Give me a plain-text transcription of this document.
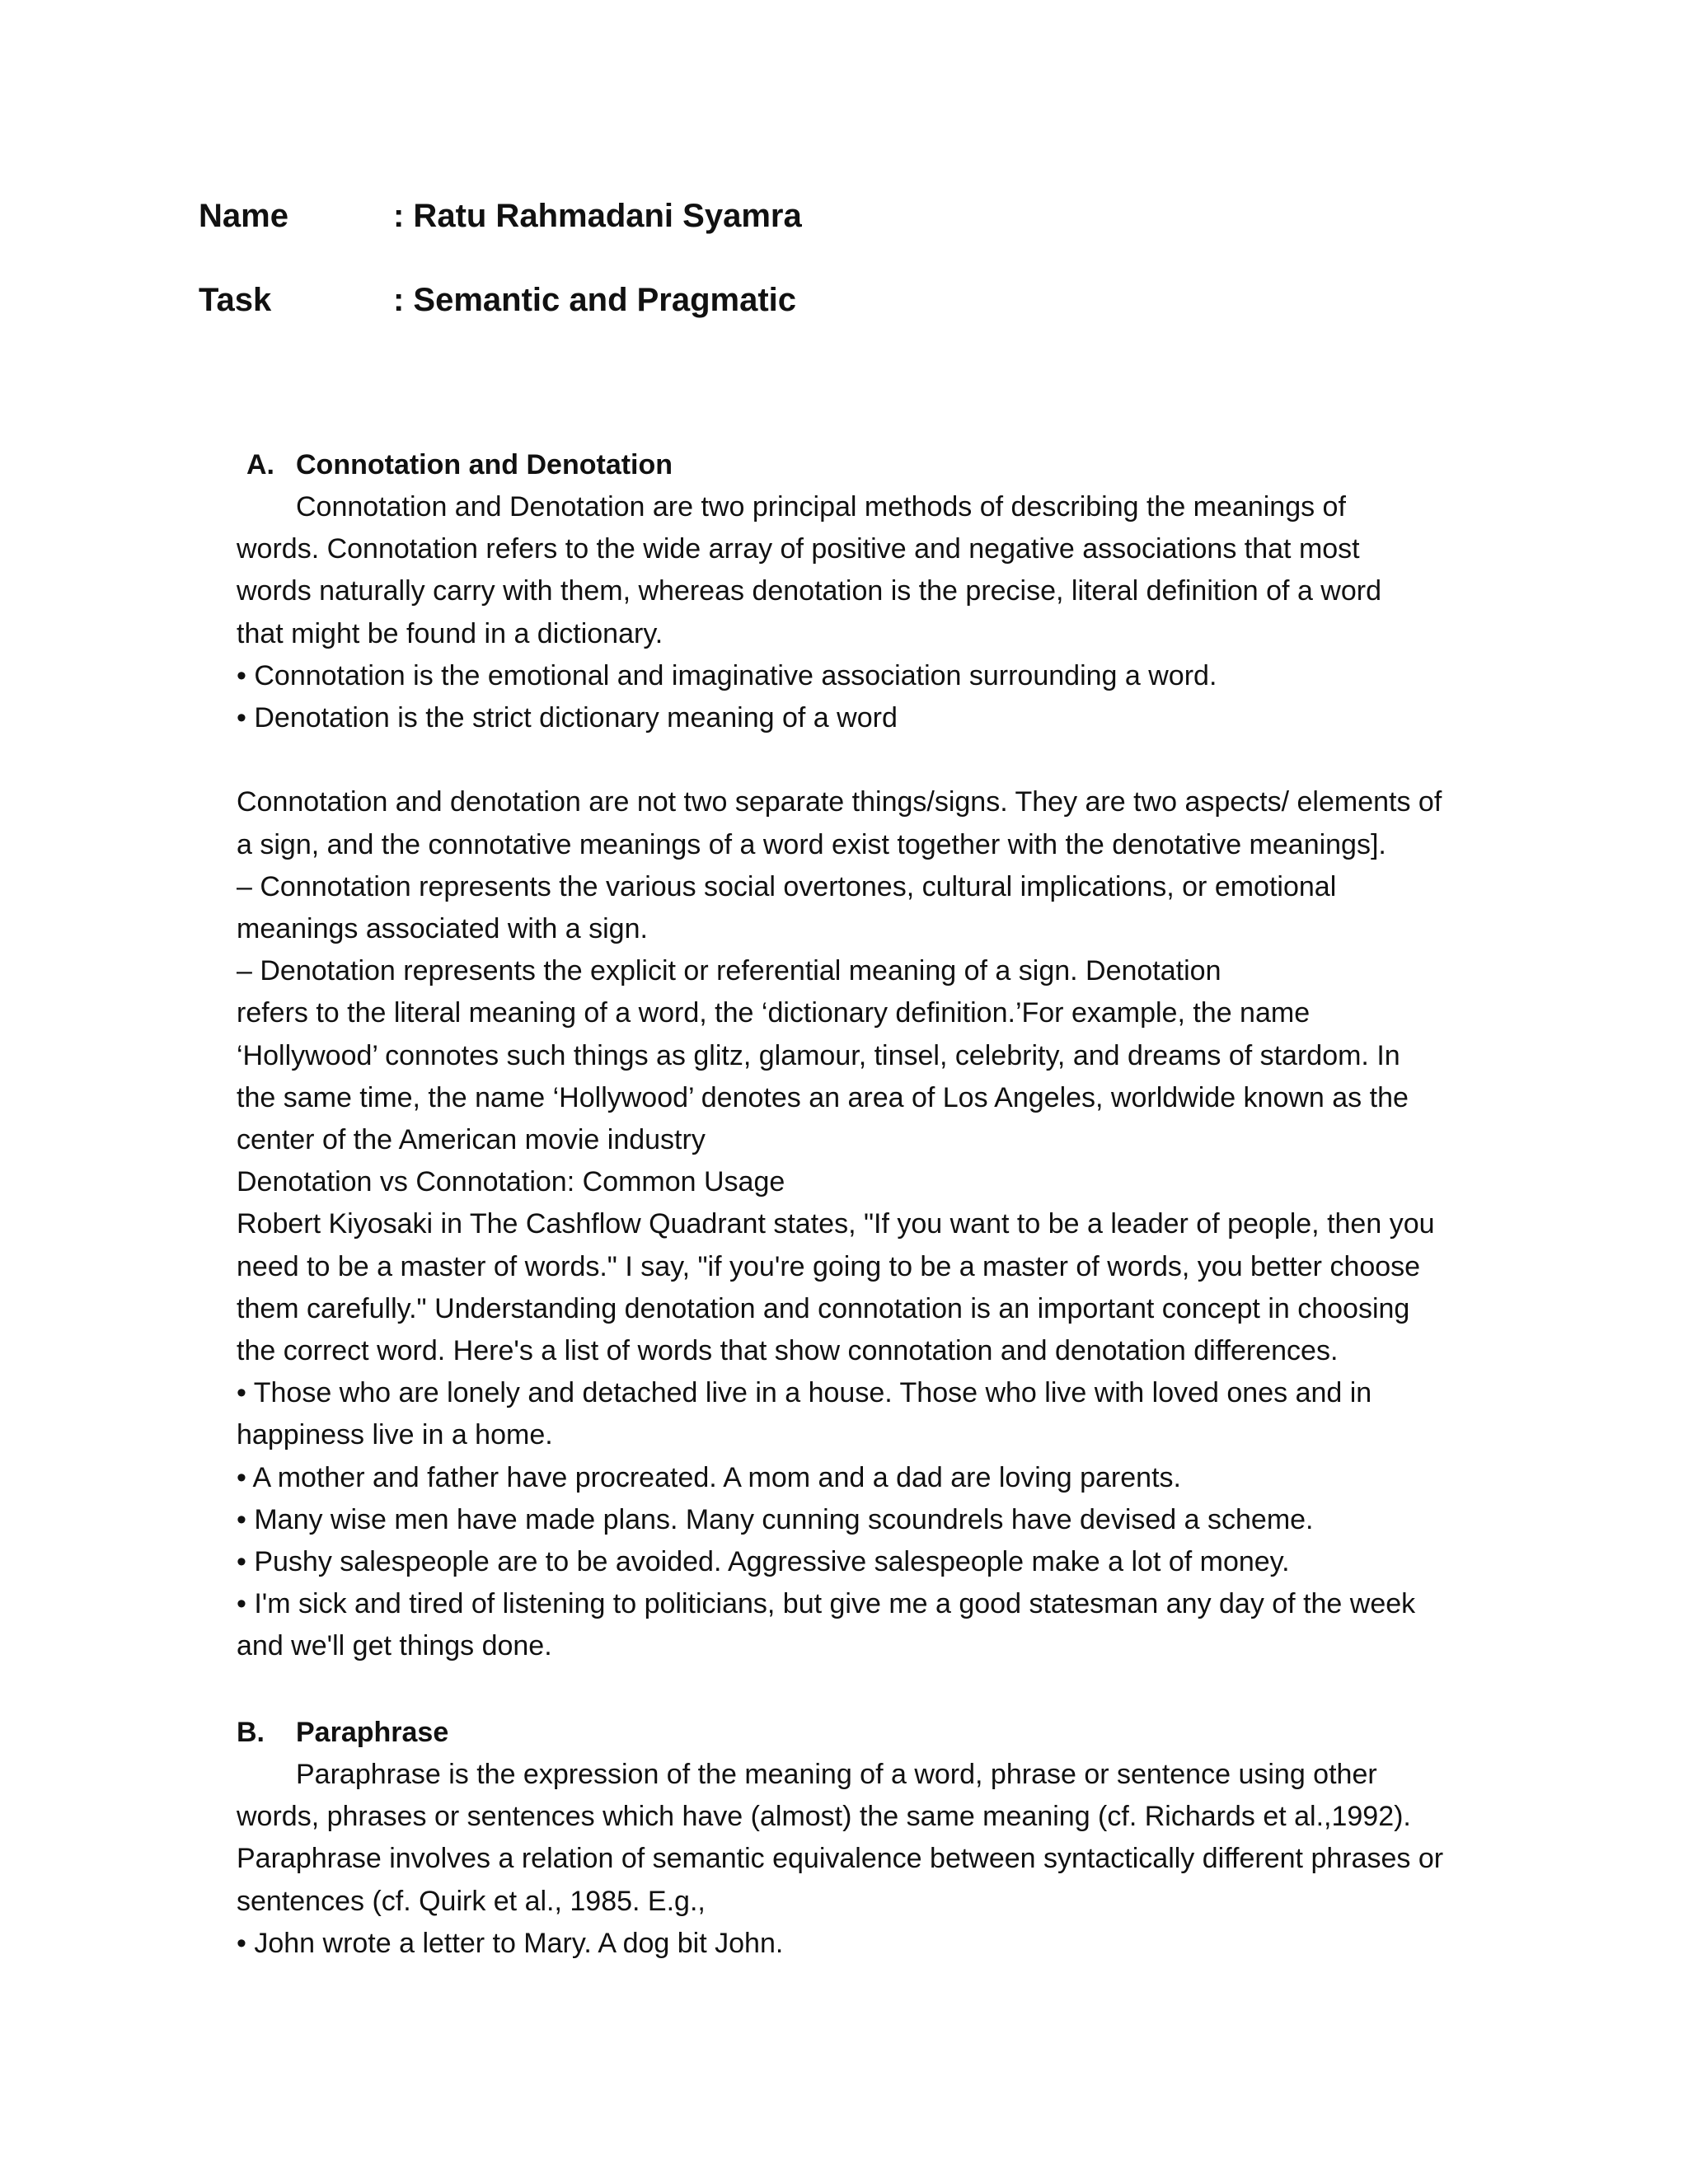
Name	: Ratu Rahmadani Syamra
Task	: Semantic and Pragmatic
A. Connotation and Denotation

Connotation and Denotation are two principal methods of describing the meanings of

words. Connotation refers to the wide array of positive and negative associations that most

words naturally carry with them, whereas denotation is the precise, literal definition of a word

that might be found in a dictionary.

• Connotation is the emotional and imaginative association surrounding a word.

• Denotation is the strict dictionary meaning of a word

Connotation and denotation are not two separate things/signs. They are two aspects/ elements of

a sign, and the connotative meanings of a word exist together with the denotative meanings].

– Connotation represents the various social overtones, cultural implications, or emotional

meanings associated with a sign.

– Denotation represents the explicit or referential meaning of a sign. Denotation

refers to the literal meaning of a word, the ‘dictionary definition.’For example, the name

‘Hollywood’ connotes such things as glitz, glamour, tinsel, celebrity, and dreams of stardom. In

the same time, the name ‘Hollywood’ denotes an area of Los Angeles, worldwide known as the

center of the American movie industry

Denotation vs Connotation: Common Usage

Robert Kiyosaki in The Cashflow Quadrant states, "If you want to be a leader of people, then you

need to be a master of words." I say, "if you're going to be a master of words, you better choose

them carefully." Understanding denotation and connotation is an important concept in choosing

the correct word. Here's a list of words that show connotation and denotation differences.

• Those who are lonely and detached live in a house. Those who live with loved ones and in

happiness live in a home.

• A mother and father have procreated. A mom and a dad are loving parents.

• Many wise men have made plans. Many cunning scoundrels have devised a scheme.

• Pushy salespeople are to be avoided. Aggressive salespeople make a lot of money.

• I'm sick and tired of listening to politicians, but give me a good statesman any day of the week

and we'll get things done.

B. Paraphrase

Paraphrase is the expression of the meaning of a word, phrase or sentence using other

words, phrases or sentences which have (almost) the same meaning (cf. Richards et al.,1992).

Paraphrase involves a relation of semantic equivalence between syntactically different phrases or

sentences (cf. Quirk et al., 1985. E.g.,

• John wrote a letter to Mary. A dog bit John.
